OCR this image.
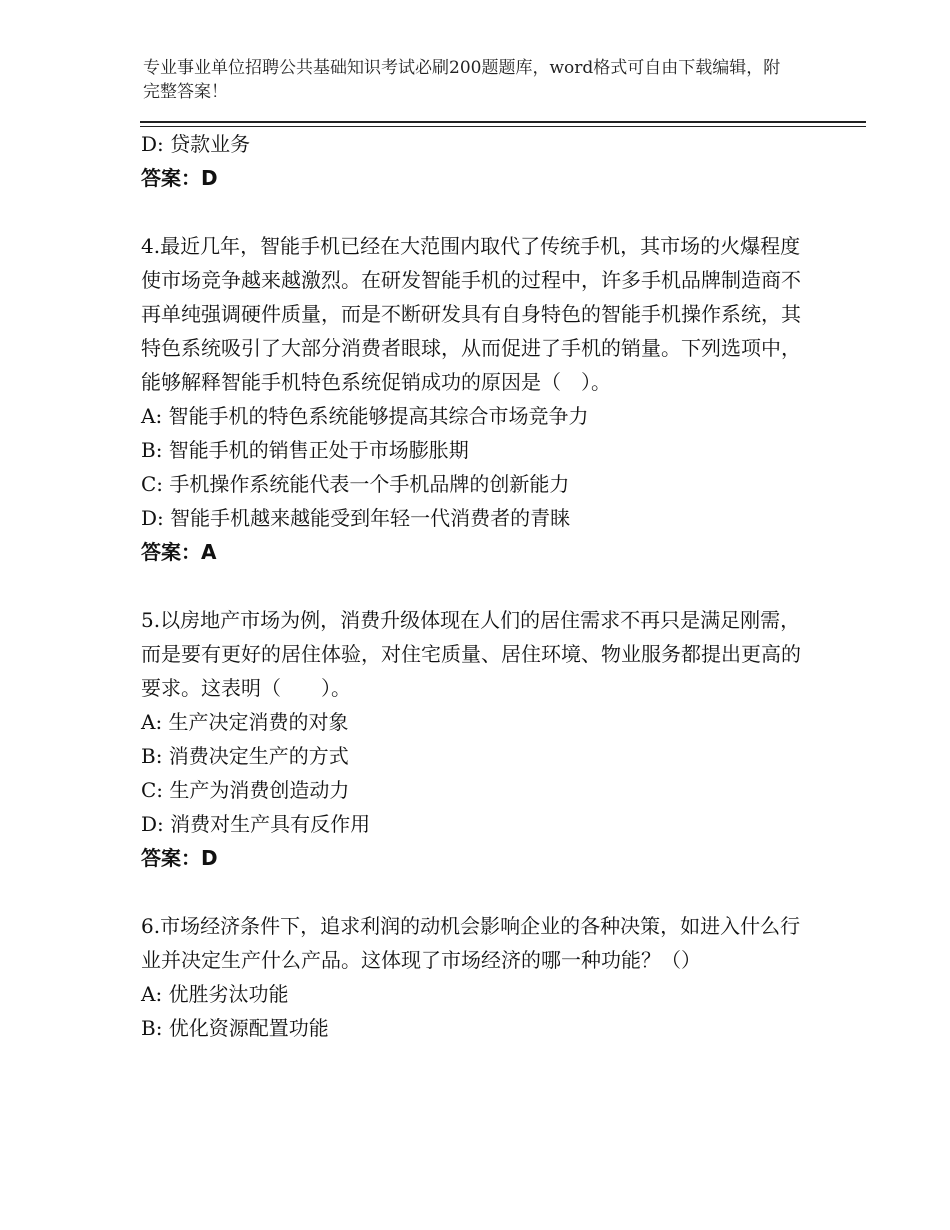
专业事业单位招聘公共基础知识考试必刷200题题库，word格式可自由下载编辑，附完整答案！
D: 贷款业务
答案：D
4.最近几年，智能手机已经在大范围内取代了传统手机，其市场的火爆程度使市场竞争越来越激烈。在研发智能手机的过程中，许多手机品牌制造商不再单纯强调硬件质量，而是不断研发具有自身特色的智能手机操作系统，其特色系统吸引了大部分消费者眼球，从而促进了手机的销量。下列选项中，能够解释智能手机特色系统促销成功的原因是（　）。
A: 智能手机的特色系统能够提高其综合市场竞争力
B: 智能手机的销售正处于市场膨胀期
C: 手机操作系统能代表一个手机品牌的创新能力
D: 智能手机越来越能受到年轻一代消费者的青睐
答案：A
5.以房地产市场为例，消费升级体现在人们的居住需求不再只是满足刚需，而是要有更好的居住体验，对住宅质量、居住环境、物业服务都提出更高的要求。这表明（　　）。
A: 生产决定消费的对象
B: 消费决定生产的方式
C: 生产为消费创造动力
D: 消费对生产具有反作用
答案：D
6.市场经济条件下，追求利润的动机会影响企业的各种决策，如进入什么行业并决定生产什么产品。这体现了市场经济的哪一种功能？（）
A: 优胜劣汰功能
B: 优化资源配置功能
